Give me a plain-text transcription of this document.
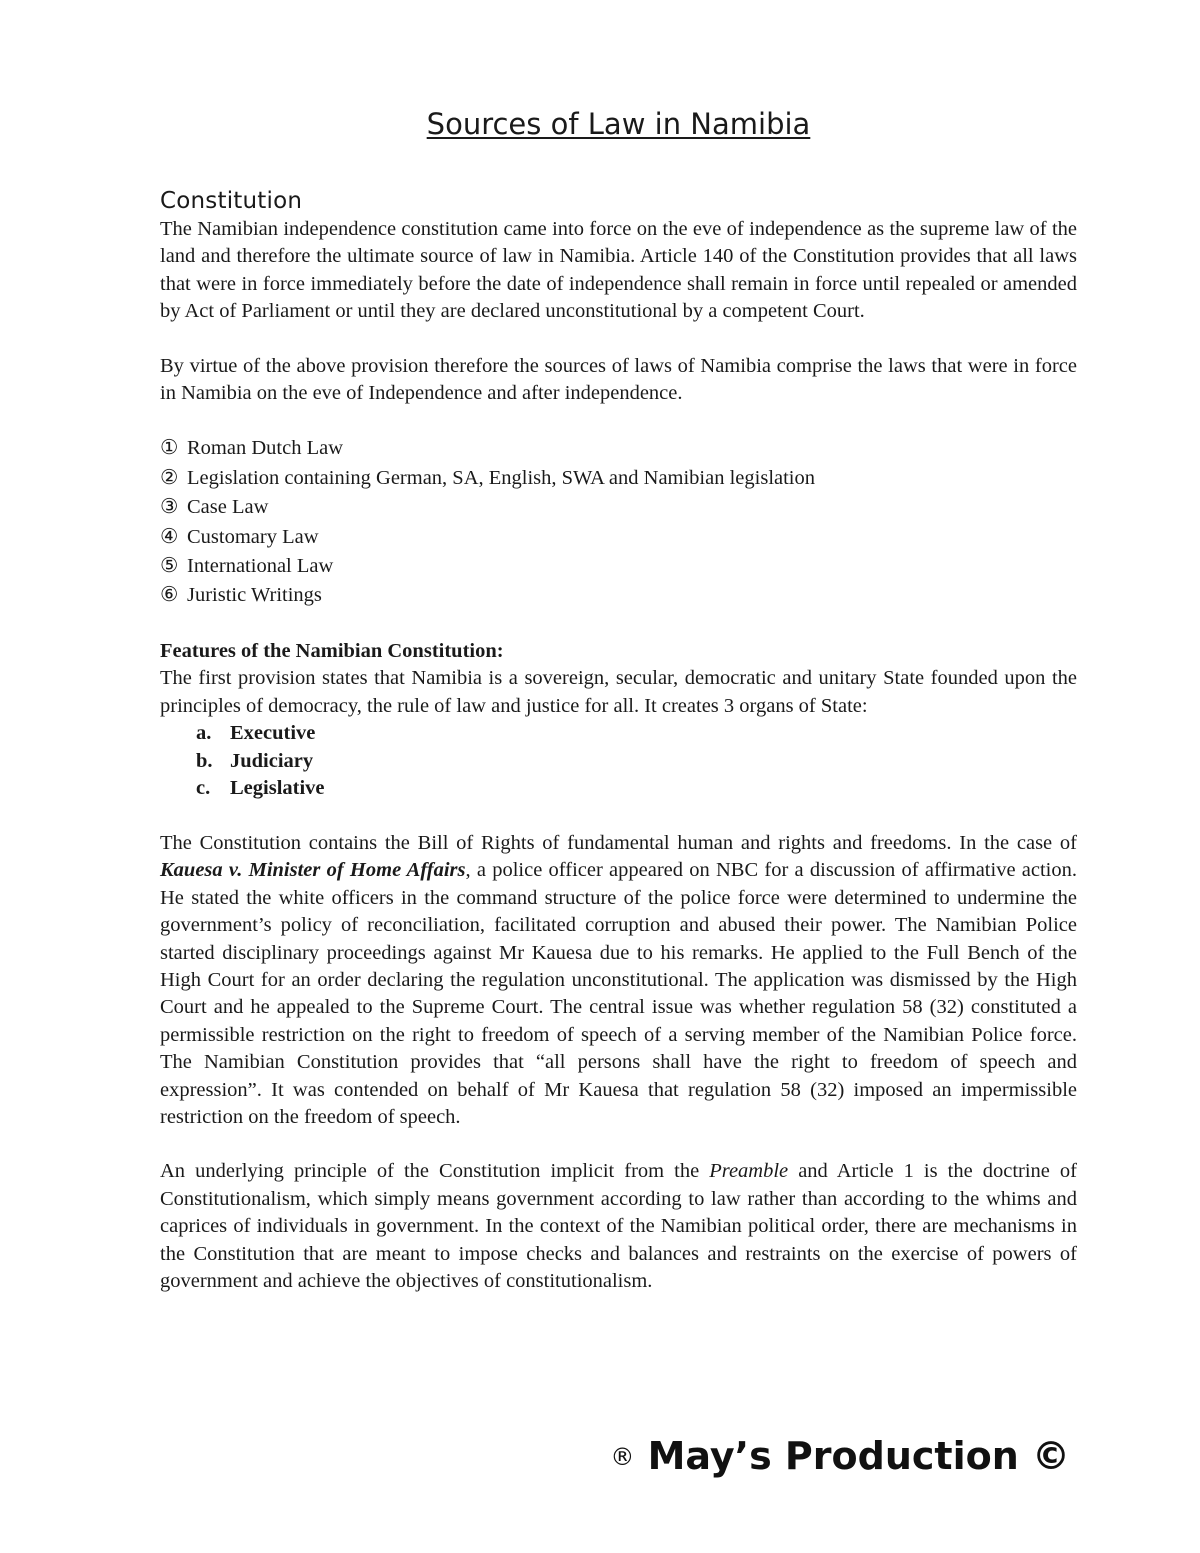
Sources of Law in Namibia
Constitution

The Namibian independence constitution came into force on the eve of independence as the supreme law of the land and therefore the ultimate source of law in Namibia. Article 140 of the Constitution provides that all laws that were in force immediately before the date of independence shall remain in force until repealed or amended by Act of Parliament or until they are declared unconstitutional by a competent Court.

By virtue of the above provision therefore the sources of laws of Namibia comprise the laws that were in force in Namibia on the eve of Independence and after independence.

① Roman Dutch Law
② Legislation containing German, SA, English, SWA and Namibian legislation
③ Case Law
④ Customary Law
⑤ International Law
⑥ Juristic Writings

Features of the Namibian Constitution:

The first provision states that Namibia is a sovereign, secular, democratic and unitary State founded upon the principles of democracy, the rule of law and justice for all. It creates 3 organs of State:

a. Executive
b. Judiciary
c. Legislative

The Constitution contains the Bill of Rights of fundamental human and rights and freedoms. In the case of Kauesa v. Minister of Home Affairs, a police officer appeared on NBC for a discussion of affirmative action. He stated the white officers in the command structure of the police force were determined to undermine the government’s policy of reconciliation, facilitated corruption and abused their power. The Namibian Police started disciplinary proceedings against Mr Kauesa due to his remarks. He applied to the Full Bench of the High Court for an order declaring the regulation unconstitutional. The application was dismissed by the High Court and he appealed to the Supreme Court. The central issue was whether regulation 58 (32) constituted a permissible restriction on the right to freedom of speech of a serving member of the Namibian Police force. The Namibian Constitution provides that “all persons shall have the right to freedom of speech and expression”. It was contended on behalf of Mr Kauesa that regulation 58 (32) imposed an impermissible restriction on the freedom of speech.

An underlying principle of the Constitution implicit from the Preamble and Article 1 is the doctrine of Constitutionalism, which simply means government according to law rather than according to the whims and caprices of individuals in government. In the context of the Namibian political order, there are mechanisms in the Constitution that are meant to impose checks and balances and restraints on the exercise of powers of government and achieve the objectives of constitutionalism.

® May’s Production ©
